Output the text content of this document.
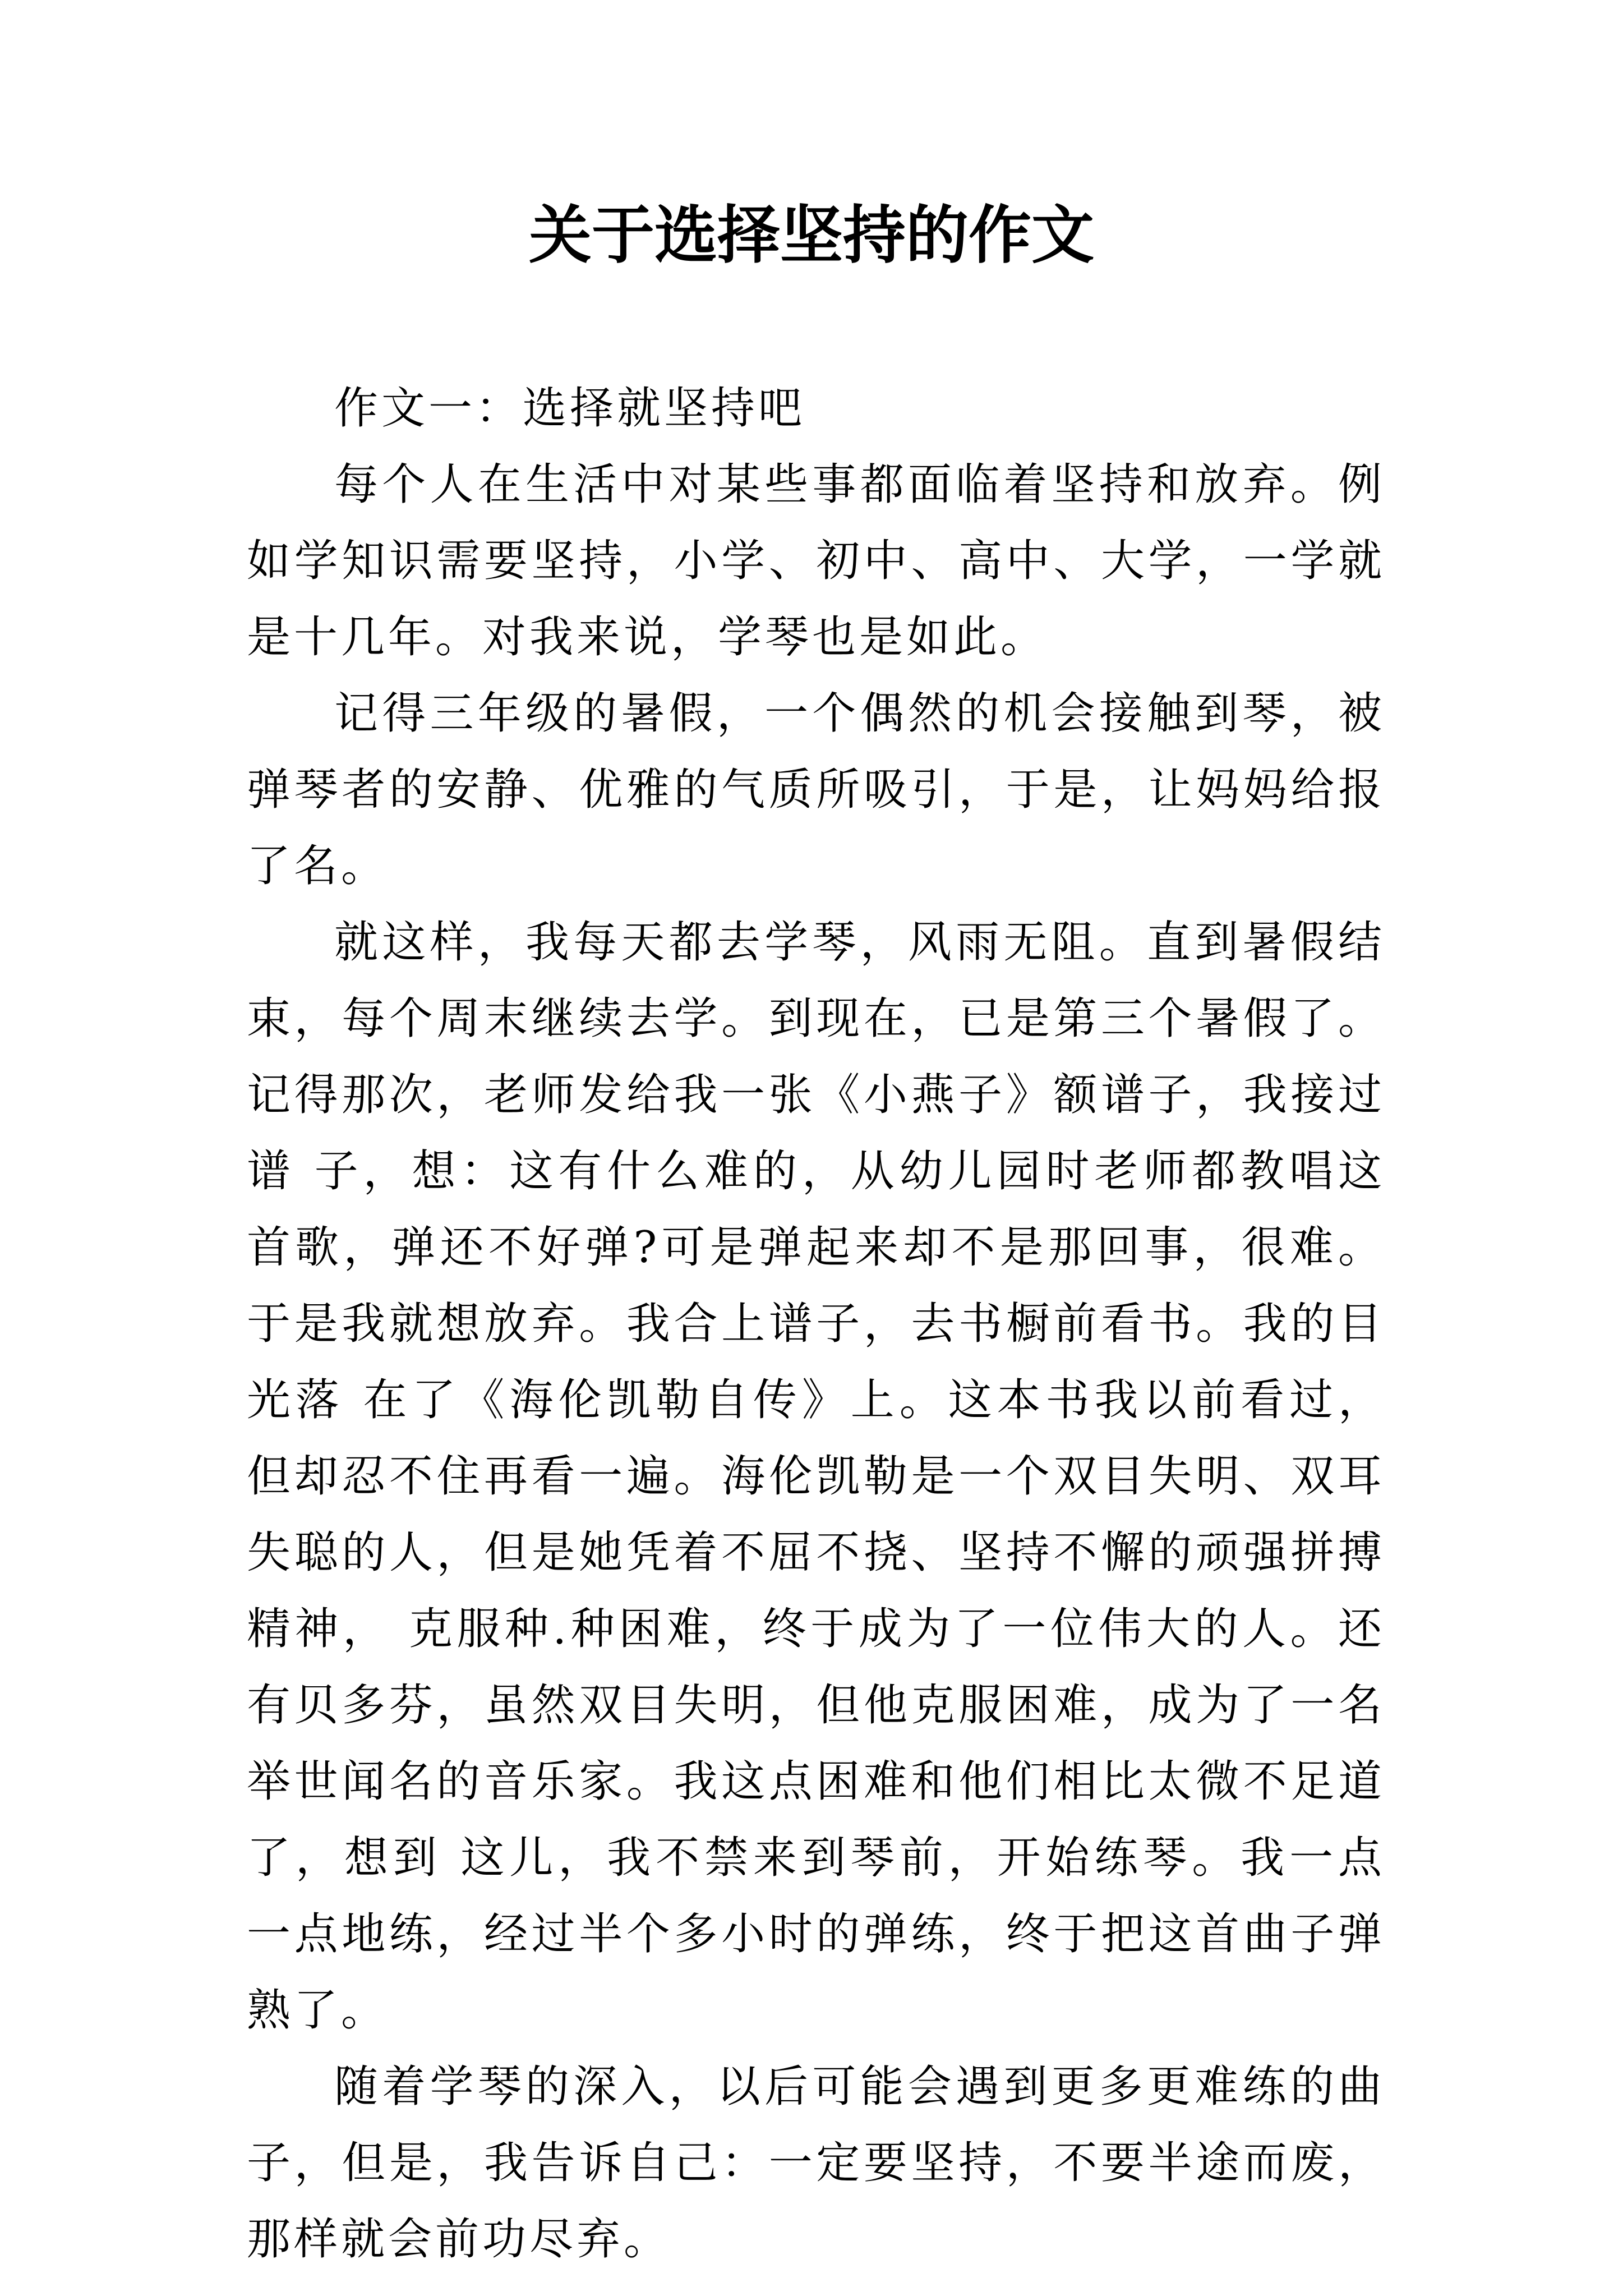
关于选择坚持的作文

作文一：选择就坚持吧

每个人在生活中对某些事都面临着坚持和放弃。例如学知识需要坚持，小学、初中、高中、大学，一学就是十几年。对我来说，学琴也是如此。

记得三年级的暑假，一个偶然的机会接触到琴，被弹琴者的安静、优雅的气质所吸引，于是，让妈妈给报了名。

就这样，我每天都去学琴，风雨无阻。直到暑假结束，每个周末继续去学。到现在，已是第三个暑假了。记得那次，老师发给我一张《小燕子》额谱子，我接过谱 子，想：这有什么难的，从幼儿园时老师都教唱这首歌，弹还不好弹?可是弹起来却不是那回事，很难。于是我就想放弃。我合上谱子，去书橱前看书。我的目光落 在了《海伦凯勒自传》上。这本书我以前看过，但却忍不住再看一遍。海伦凯勒是一个双目失明、双耳失聪的人，但是她凭着不屈不挠、坚持不懈的顽强拼搏精神， 克服种.种困难，终于成为了一位伟大的人。还有贝多芬，虽然双目失明，但他克服困难，成为了一名举世闻名的音乐家。我这点困难和他们相比太微不足道了，想到 这儿，我不禁来到琴前，开始练琴。我一点一点地练，经过半个多小时的弹练，终于把这首曲子弹熟了。

随着学琴的深入，以后可能会遇到更多更难练的曲子，但是，我告诉自己：一定要坚持，不要半途而废，那样就会前功尽弃。
